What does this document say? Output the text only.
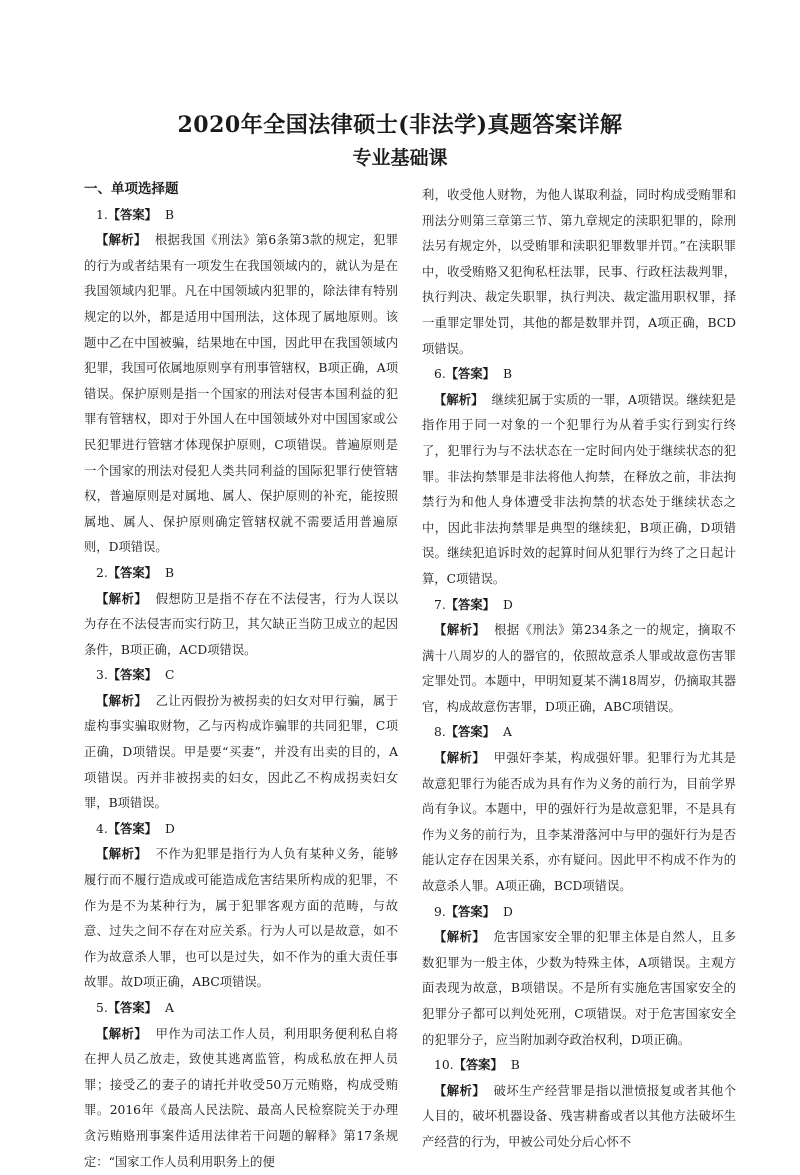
2020年全国法律硕士(非法学)真题答案详解
专业基础课
一、单项选择题
1.【答案】 B

【解析】 根据我国《刑法》第6条第3款的规定，犯罪的行为或者结果有一项发生在我国领域内的，就认为是在我国领域内犯罪。凡在中国领域内犯罪的，除法律有特别规定的以外，都是适用中国刑法，这体现了属地原则。该题中乙在中国被骗，结果地在中国，因此甲在我国领域内犯罪，我国可依属地原则享有刑事管辖权，B项正确，A项错误。保护原则是指一个国家的刑法对侵害本国利益的犯罪有管辖权，即对于外国人在中国领域外对中国国家或公民犯罪进行管辖才体现保护原则，C项错误。普遍原则是一个国家的刑法对侵犯人类共同利益的国际犯罪行使管辖权，普遍原则是对属地、属人、保护原则的补充，能按照属地、属人、保护原则确定管辖权就不需要适用普遍原则，D项错误。

2.【答案】 B

【解析】 假想防卫是指不存在不法侵害，行为人误以为存在不法侵害而实行防卫，其欠缺正当防卫成立的起因条件，B项正确，ACD项错误。

3.【答案】 C

【解析】 乙让丙假扮为被拐卖的妇女对甲行骗，属于虚构事实骗取财物，乙与丙构成诈骗罪的共同犯罪，C项正确，D项错误。甲是要“买妻”，并没有出卖的目的，A项错误。丙并非被拐卖的妇女，因此乙不构成拐卖妇女罪，B项错误。

4.【答案】 D

【解析】 不作为犯罪是指行为人负有某种义务，能够履行而不履行造成或可能造成危害结果所构成的犯罪，不作为是不为某种行为，属于犯罪客观方面的范畴，与故意、过失之间不存在对应关系。行为人可以是故意，如不作为故意杀人罪，也可以是过失，如不作为的重大责任事故罪。故D项正确，ABC项错误。

5.【答案】 A

【解析】 甲作为司法工作人员，利用职务便利私自将在押人员乙放走，致使其逃离监管，构成私放在押人员罪；接受乙的妻子的请托并收受50万元贿赂，构成受贿罪。2016年《最高人民法院、最高人民检察院关于办理贪污贿赂刑事案件适用法律若干问题的解释》第17条规定：“国家工作人员利用职务上的便

利，收受他人财物，为他人谋取利益，同时构成受贿罪和刑法分则第三章第三节、第九章规定的渎职犯罪的，除刑法另有规定外，以受贿罪和渎职犯罪数罪并罚。”在渎职罪中，收受贿赂又犯徇私枉法罪，民事、行政枉法裁判罪，执行判决、裁定失职罪，执行判决、裁定滥用职权罪，择一重罪定罪处罚，其他的都是数罪并罚，A项正确，BCD项错误。

6.【答案】 B

【解析】 继续犯属于实质的一罪，A项错误。继续犯是指作用于同一对象的一个犯罪行为从着手实行到实行终了，犯罪行为与不法状态在一定时间内处于继续状态的犯罪。非法拘禁罪是非法将他人拘禁，在释放之前，非法拘禁行为和他人身体遭受非法拘禁的状态处于继续状态之中，因此非法拘禁罪是典型的继续犯，B项正确，D项错误。继续犯追诉时效的起算时间从犯罪行为终了之日起计算，C项错误。

7.【答案】 D

【解析】 根据《刑法》第234条之一的规定，摘取不满十八周岁的人的器官的，依照故意杀人罪或故意伤害罪定罪处罚。本题中，甲明知夏某不满18周岁，仍摘取其器官，构成故意伤害罪，D项正确，ABC项错误。

8.【答案】 A

【解析】 甲强奸李某，构成强奸罪。犯罪行为尤其是故意犯罪行为能否成为具有作为义务的前行为，目前学界尚有争议。本题中，甲的强奸行为是故意犯罪，不是具有作为义务的前行为，且李某滑落河中与甲的强奸行为是否能认定存在因果关系，亦有疑问。因此甲不构成不作为的故意杀人罪。A项正确，BCD项错误。

9.【答案】 D

【解析】 危害国家安全罪的犯罪主体是自然人，且多数犯罪为一般主体，少数为特殊主体，A项错误。主观方面表现为故意，B项错误。不是所有实施危害国家安全的犯罪分子都可以判处死刑，C项错误。对于危害国家安全的犯罪分子，应当附加剥夺政治权利，D项正确。

10.【答案】 B

【解析】 破坏生产经营罪是指以泄愤报复或者其他个人目的，破坏机器设备、残害耕畜或者以其他方法破坏生产经营的行为，甲被公司处分后心怀不
